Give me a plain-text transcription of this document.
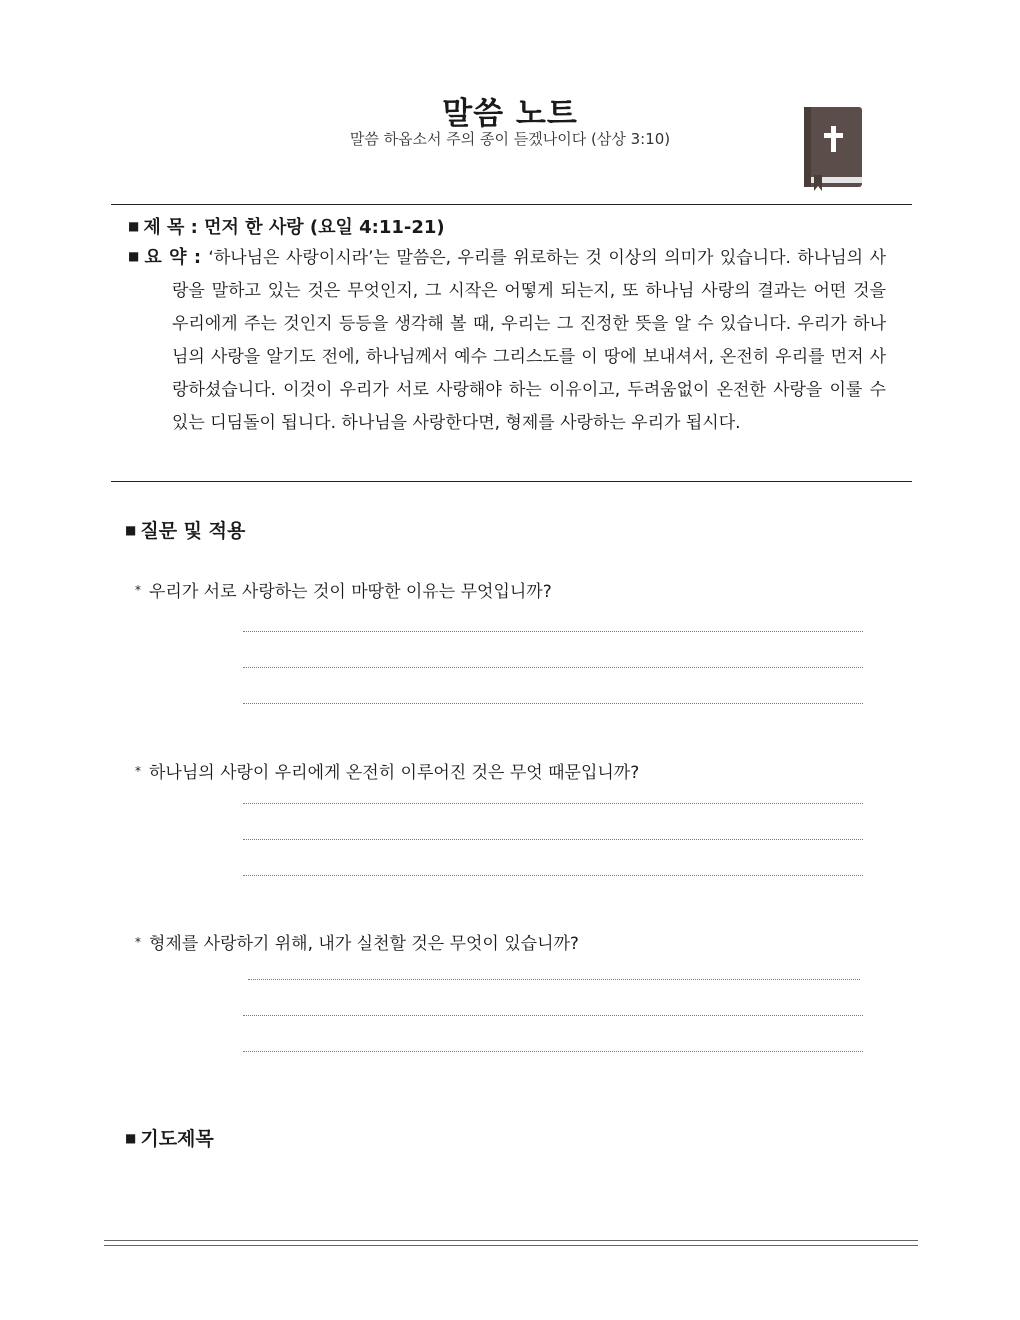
말씀 노트
말씀 하옵소서 주의 종이 듣겠나이다 (삼상 3:10)
■ 제 목 : 먼저 한 사랑 (요일 4:11-21)
■ 요 약 : ‘하나님은 사랑이시라’는 말씀은, 우리를 위로하는 것 이상의 의미가 있습니다. 하나님의 사랑을 말하고 있는 것은 무엇인지, 그 시작은 어떻게 되는지, 또 하나님 사랑의 결과는 어떤 것을 우리에게 주는 것인지 등등을 생각해 볼 때, 우리는 그 진정한 뜻을 알 수 있습니다. 우리가 하나님의 사랑을 알기도 전에, 하나님께서 예수 그리스도를 이 땅에 보내셔서, 온전히 우리를 먼저 사랑하셨습니다. 이것이 우리가 서로 사랑해야 하는 이유이고, 두려움없이 온전한 사랑을 이룰 수 있는 디딤돌이 됩니다. 하나님을 사랑한다면, 형제를 사랑하는 우리가 됩시다.
■ 질문 및 적용
* 우리가 서로 사랑하는 것이 마땅한 이유는 무엇입니까?
* 하나님의 사랑이 우리에게 온전히 이루어진 것은 무엇 때문입니까?
* 형제를 사랑하기 위해, 내가 실천할 것은 무엇이 있습니까?
■ 기도제목
